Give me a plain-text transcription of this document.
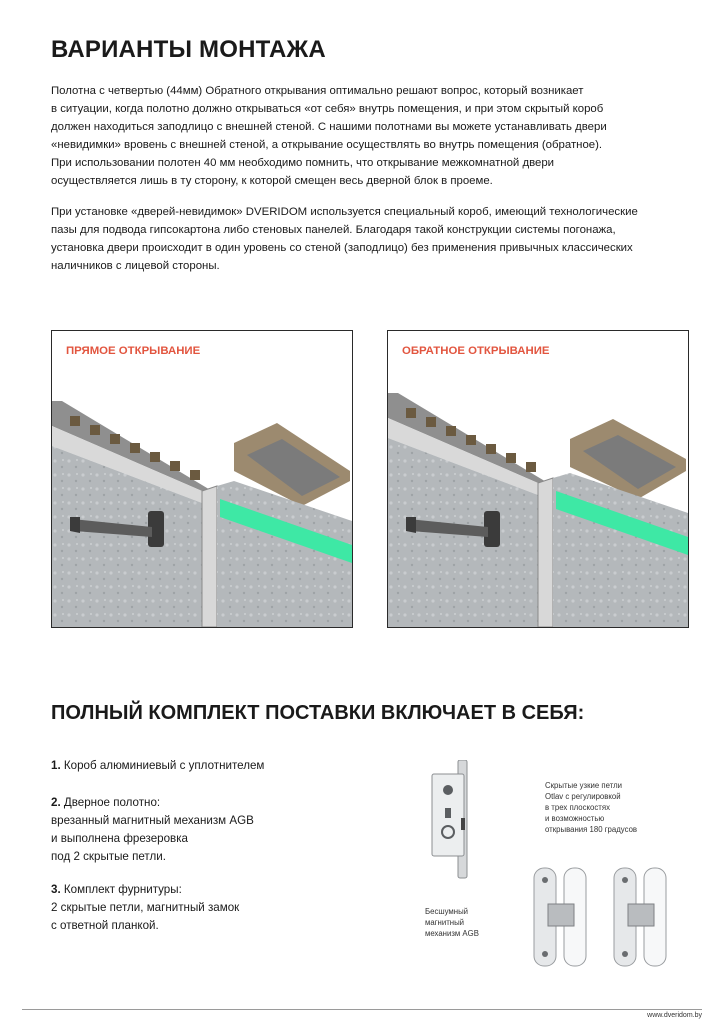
ВАРИАНТЫ МОНТАЖА

Полотна с четвертью (44мм) Обратного открывания оптимально решают вопрос, который возникает
в ситуации, когда полотно должно открываться «от себя» внутрь помещения, и при этом скрытый короб
должен находиться заподлицо с внешней стеной. С нашими полотнами вы можете устанавливать двери
«невидимки» вровень с внешней стеной, а открывание осуществлять во внутрь помещения (обратное).
При использовании полотен 40 мм необходимо помнить, что открывание межкомнатной двери
осуществляется лишь в ту сторону, к которой смещен весь дверной блок в проеме.

При установке «дверей-невидимок» DVERIDOM используется специальный короб, имеющий технологические
пазы для подвода гипсокартона либо стеновых панелей. Благодаря такой конструкции системы погонажа,
установка двери происходит в один уровень со стеной (заподлицо) без применения привычных классических
наличников с лицевой стороны.

ПРЯМОЕ ОТКРЫВАНИЕ	ОБРАТНОЕ ОТКРЫВАНИЕ
ПОЛНЫЙ КОМПЛЕКТ ПОСТАВКИ ВКЛЮЧАЕТ В СЕБЯ:
1. Короб алюминиевый с уплотнителем
2. Дверное полотно:
врезанный магнитный механизм AGB
и выполнена фрезеровка
под 2 скрытые петли.
3. Комплект фурнитуры:
2 скрытые петли, магнитный замок
с ответной планкой.
Бесшумный
магнитный
механизм AGB
Скрытые узкие петли
Otlav с регулировкой
в трех плоскостях
и возможностью
открывания 180 градусов
www.dveridom.by
